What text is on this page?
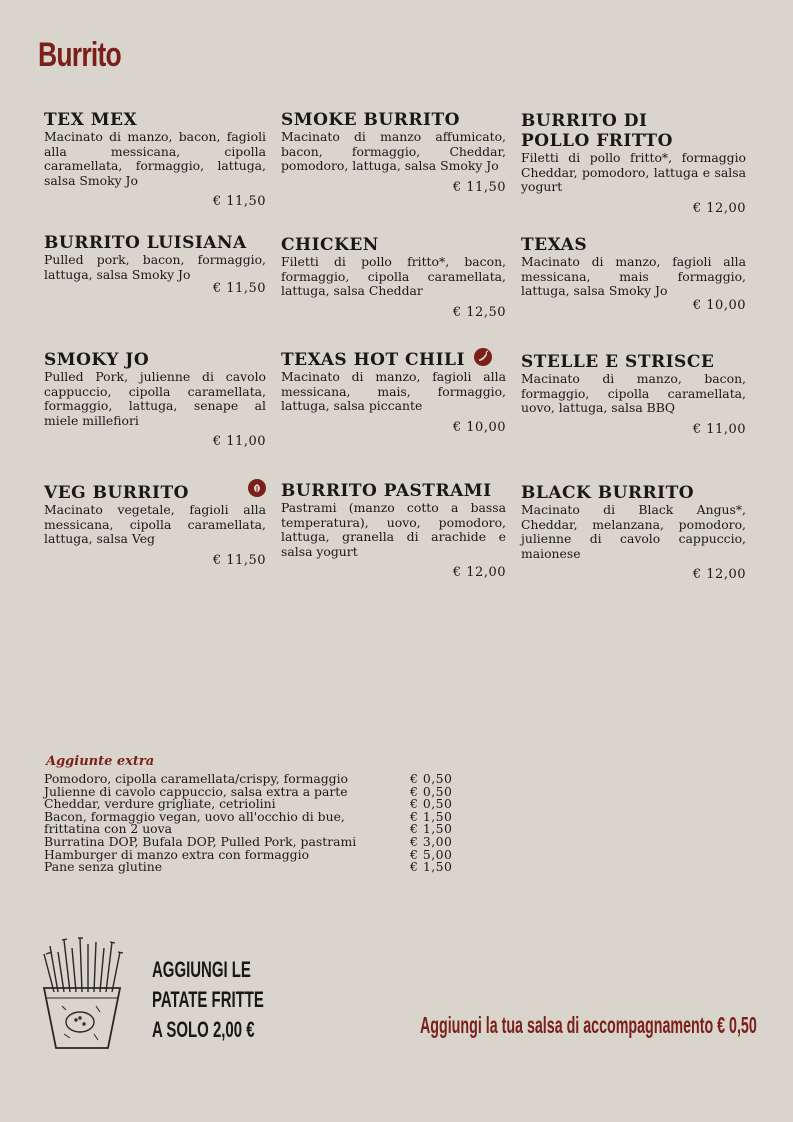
Burrito
TEX MEX
Macinato di manzo, bacon, fagioli alla messicana, cipolla caramellata, formaggio, lattuga, salsa Smoky Jo
€ 11,50
SMOKE BURRITO
Macinato di manzo affumicato, bacon, formaggio, Cheddar, pomodoro, lattuga, salsa Smoky Jo
€ 11,50
BURRITO DI POLLO FRITTO
Filetti di pollo fritto*, formaggio Cheddar, pomodoro, lattuga e salsa yogurt
€ 12,00
BURRITO LUISIANA
Pulled pork, bacon, formaggio, lattuga, salsa Smoky Jo
€ 11,50
CHICKEN
Filetti di pollo fritto*, bacon, formaggio, cipolla caramellata, lattuga, salsa Cheddar
€ 12,50
TEXAS
Macinato di manzo, fagioli alla messicana, mais formaggio, lattuga, salsa Smoky Jo
€ 10,00
SMOKY JO
Pulled Pork, julienne di cavolo cappuccio, cipolla caramellata, formaggio, lattuga, senape al miele millefiori
€ 11,00
TEXAS HOT CHILI
Macinato di manzo, fagioli alla messicana, mais, formaggio, lattuga, salsa piccante
€ 10,00
STELLE E STRISCE
Macinato di manzo, bacon, formaggio, cipolla caramellata, uovo, lattuga, salsa BBQ
€ 11,00
VEG BURRITO
Macinato vegetale, fagioli alla messicana, cipolla caramellata, lattuga, salsa Veg
€ 11,50
BURRITO PASTRAMI
Pastrami (manzo cotto a bassa temperatura), uovo, pomodoro, lattuga, granella di arachide e salsa yogurt
€ 12,00
BLACK BURRITO
Macinato di Black Angus*, Cheddar, melanzana, pomodoro, julienne di cavolo cappuccio, maionese
€ 12,00
Aggiunte extra
Pomodoro, cipolla caramellata/crispy, formaggio	€ 0,50
Julienne di cavolo cappuccio, salsa extra a parte	€ 0,50
Cheddar, verdure grigliate, cetriolini	€ 0,50
Bacon, formaggio vegan, uovo all'occhio di bue,	€ 1,50
frittatina con 2 uova	€ 1,50
Burratina DOP, Bufala DOP, Pulled Pork, pastrami	€ 3,00
Hamburger di manzo extra con formaggio	€ 5,00
Pane senza glutine	€ 1,50
AGGIUNGI LE
PATATE FRITTE
A SOLO 2,00 €	Aggiungi la tua salsa di accompagnamento € 0,50
